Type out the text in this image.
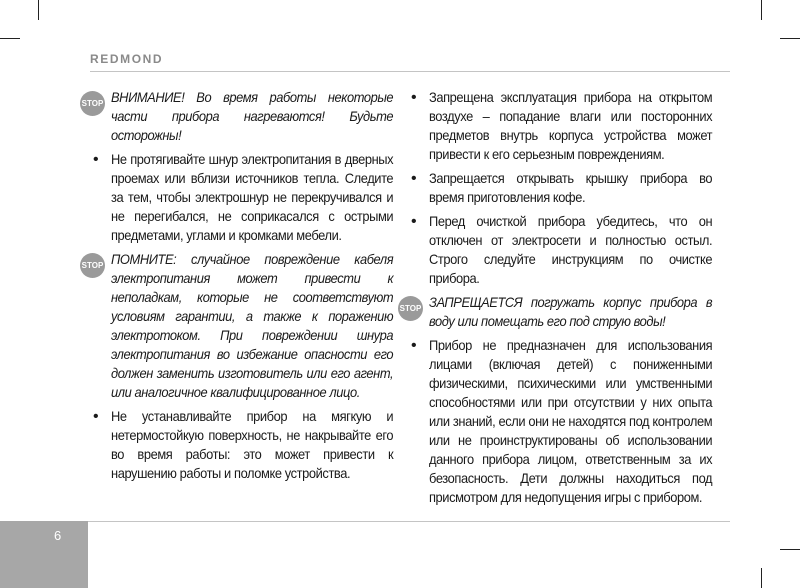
REDMOND
STOP ВНИМАНИЕ! Во время работы некоторые части прибора нагреваются! Будьте осторожны!
• Не протягивайте шнур электропитания в дверных проемах или вблизи источников тепла. Следите за тем, чтобы электрошнур не перекручивался и не перегибался, не соприкасался с острыми предметами, углами и кромками мебели.
STOP ПОМНИТЕ: случайное повреждение кабеля электропитания может привести к неполадкам, которые не соответствуют условиям гарантии, а также к поражению электротоком. При повреждении шнура электропитания во избежание опасности его должен заменить изготовитель или его агент, или аналогичное квалифицированное лицо.
• Не устанавливайте прибор на мягкую и нетермостойкую поверхность, не накрывайте его во время работы: это может привести к нарушению работы и поломке устройства.
• Запрещена эксплуатация прибора на открытом воздухе – попадание влаги или посторонних предметов внутрь корпуса устройства может привести к его серьезным повреждениям.
• Запрещается открывать крышку прибора во время приготовления кофе.
• Перед очисткой прибора убедитесь, что он отключен от электросети и полностью остыл. Строго следуйте инструкциям по очистке прибора.
STOP ЗАПРЕЩАЕТСЯ погружать корпус прибора в воду или помещать его под струю воды!
• Прибор не предназначен для использования лицами (включая детей) с пониженными физическими, психическими или умственными способностями или при отсутствии у них опыта или знаний, если они не находятся под контролем или не проинструктированы об использовании данного прибора лицом, ответственным за их безопасность. Дети должны находиться под присмотром для недопущения игры с прибором.
6
